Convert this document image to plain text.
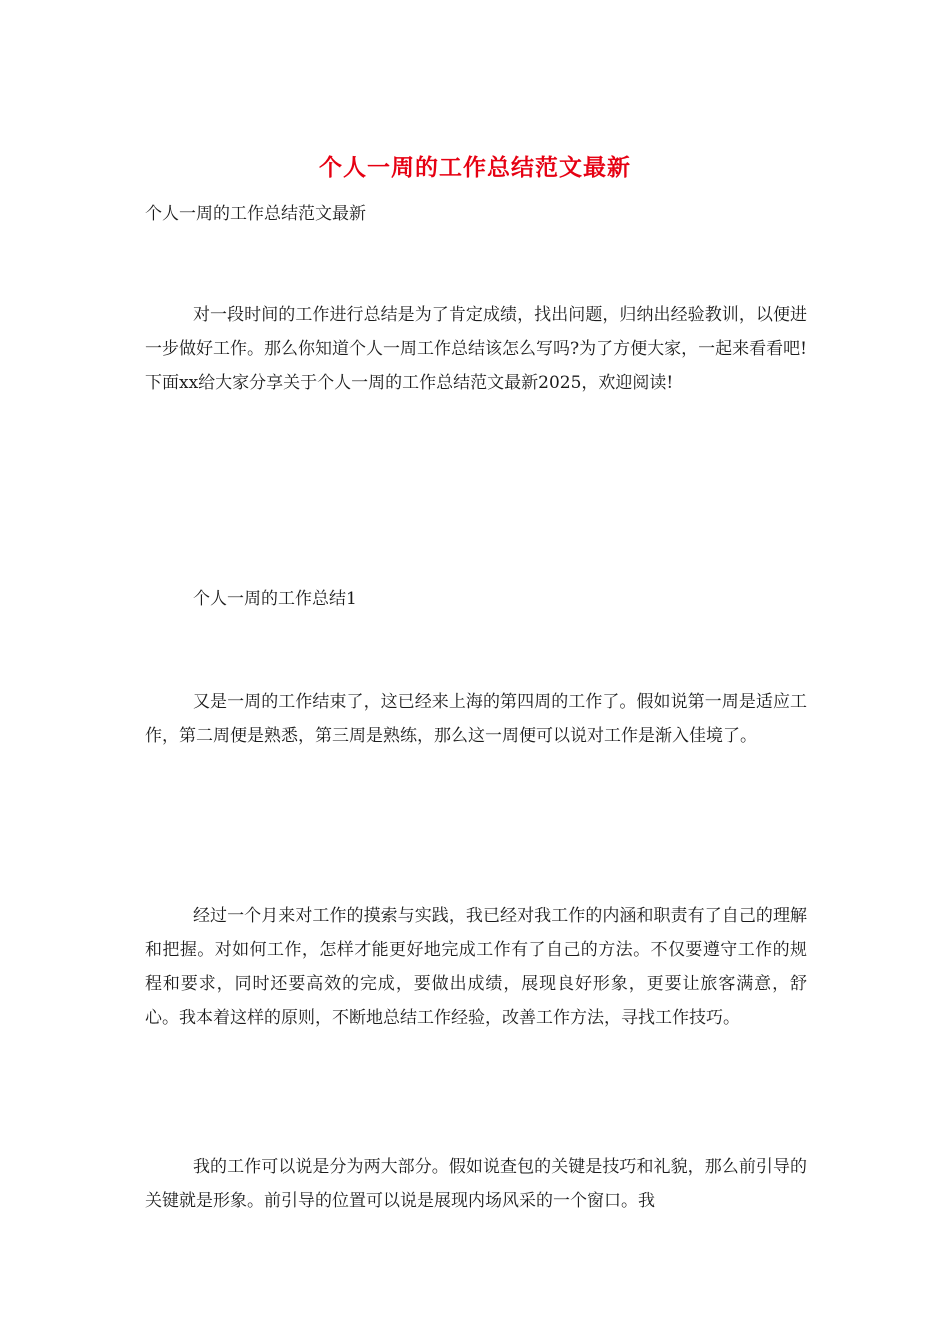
个人一周的工作总结范文最新
个人一周的工作总结范文最新

对一段时间的工作进行总结是为了肯定成绩，找出问题，归纳出经验教训，以便进一步做好工作。那么你知道个人一周工作总结该怎么写吗?为了方便大家，一起来看看吧!下面xx给大家分享关于个人一周的工作总结范文最新2025，欢迎阅读!

个人一周的工作总结1

又是一周的工作结束了，这已经来上海的第四周的工作了。假如说第一周是适应工作，第二周便是熟悉，第三周是熟练，那么这一周便可以说对工作是渐入佳境了。

经过一个月来对工作的摸索与实践，我已经对我工作的内涵和职责有了自己的理解和把握。对如何工作，怎样才能更好地完成工作有了自己的方法。不仅要遵守工作的规程和要求，同时还要高效的完成，要做出成绩，展现良好形象，更要让旅客满意，舒心。我本着这样的原则，不断地总结工作经验，改善工作方法，寻找工作技巧。

我的工作可以说是分为两大部分。假如说查包的关键是技巧和礼貌，那么前引导的关键就是形象。前引导的位置可以说是展现内场风采的一个窗口。我
